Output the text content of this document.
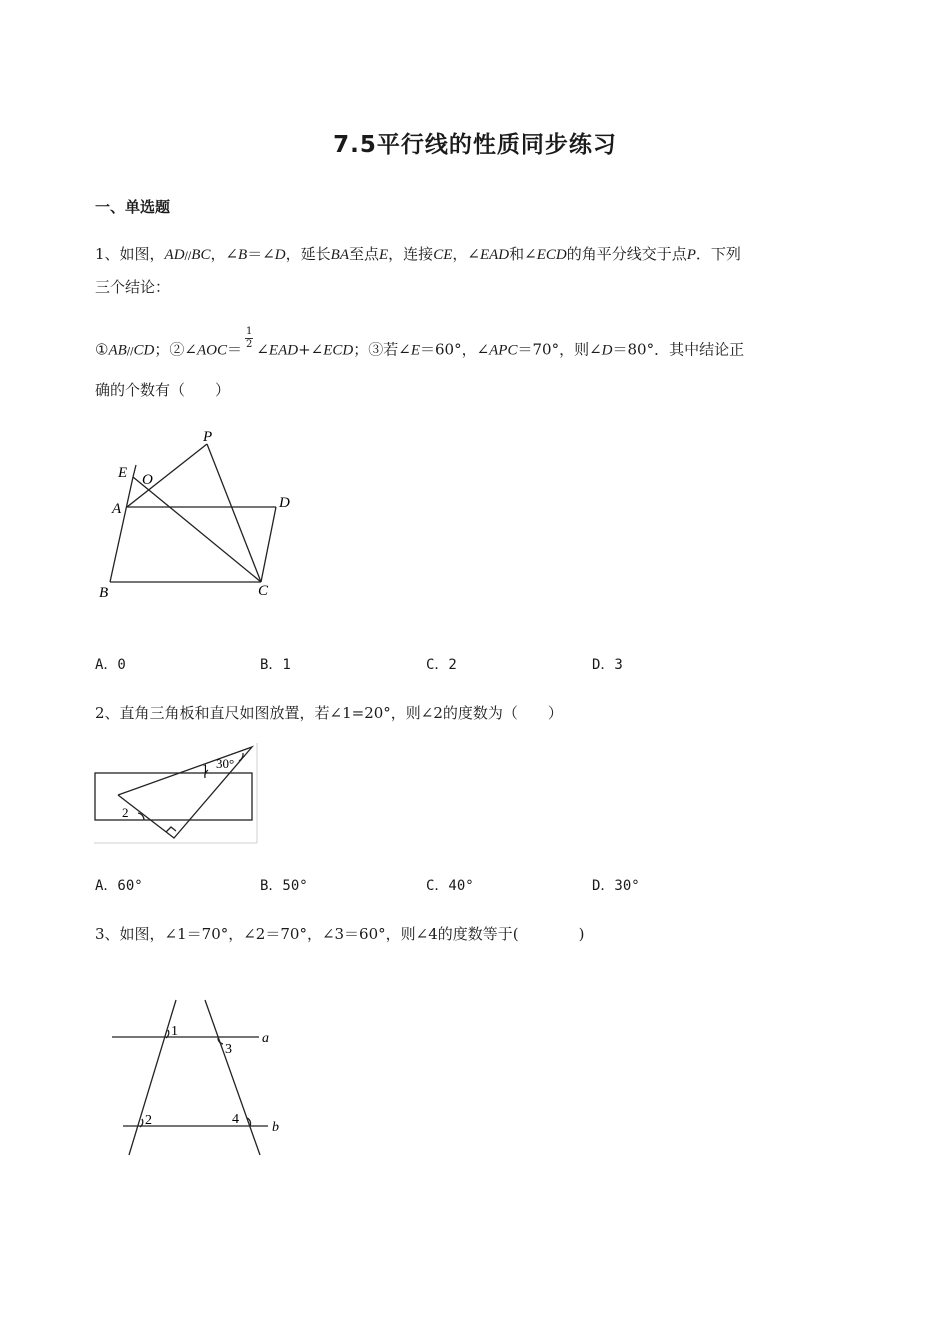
7.5平行线的性质同步练习
一、单选题
1、如图，AD//BC，∠B＝∠D，延长BA至点E，连接CE，∠EAD和∠ECD的角平分线交于点P．下列
三个结论：
①AB//CD；②∠AOC＝ $\frac{1}{2}$ ∠EAD+∠ECD；③若∠E＝60°，∠APC＝70°，则∠D＝80°．其中结论正
确的个数有（　　）
P
E O
A	D
B	C
A．0	B．1	C．2	D．3
2、直角三角板和直尺如图放置，若∠1=20°，则∠2的度数为（　　）
1 30°
2
A．60°	B．50°	C．40°	D．30°
3、如图，∠1＝70°，∠2＝70°，∠3＝60°，则∠4的度数等于(　　　　)
1
3
a
2	4
b
